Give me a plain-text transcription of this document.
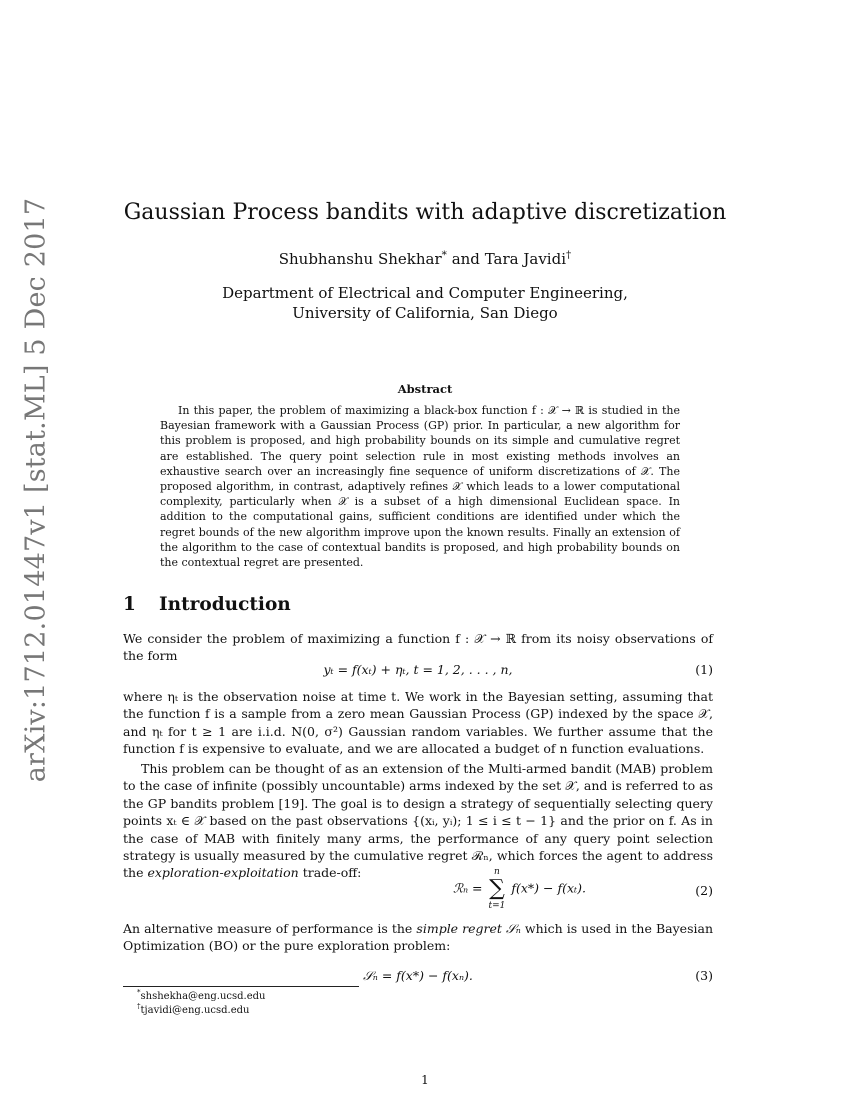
arXiv:1712.01447v1 [stat.ML] 5 Dec 2017	Gaussian Process bandits with adaptive discretization
Shubhanshu Shekhar* and Tara Javidi†
Department of Electrical and Computer Engineering,
University of California, San Diego
Abstract

In this paper, the problem of maximizing a black-box function f : 𝒳 → ℝ is studied in the Bayesian framework with a Gaussian Process (GP) prior. In particular, a new algorithm for this problem is proposed, and high probability bounds on its simple and cumulative regret are established. The query point selection rule in most existing methods involves an exhaustive search over an increasingly fine sequence of uniform discretizations of 𝒳. The proposed algorithm, in contrast, adaptively refines 𝒳 which leads to a lower computational complexity, particularly when 𝒳 is a subset of a high dimensional Euclidean space. In addition to the computational gains, sufficient conditions are identified under which the regret bounds of the new algorithm improve upon the known results. Finally an extension of the algorithm to the case of contextual bandits is proposed, and high probability bounds on the contextual regret are presented.

1 Introduction

We consider the problem of maximizing a function f : 𝒳 → ℝ from its noisy observations of the form

yₜ = f(xₜ) + ηₜ, t = 1, 2, . . . , n,	(1)

where ηₜ is the observation noise at time t. We work in the Bayesian setting, assuming that the function f is a sample from a zero mean Gaussian Process (GP) indexed by the space 𝒳, and ηₜ for t ≥ 1 are i.i.d. N(0, σ²) Gaussian random variables. We further assume that the function f is expensive to evaluate, and we are allocated a budget of n function evaluations.

This problem can be thought of as an extension of the Multi-armed bandit (MAB) problem to the case of infinite (possibly uncountable) arms indexed by the set 𝒳, and is referred to as the GP bandits problem [19]. The goal is to design a strategy of sequentially selecting query points xₜ ∈ 𝒳 based on the past observations {(xᵢ, yᵢ); 1 ≤ i ≤ t − 1} and the prior on f. As in the case of MAB with finitely many arms, the performance of any query point selection strategy is usually measured by the cumulative regret ℛₙ, which forces the agent to address the exploration-exploitation trade-off:

ℛₙ =
n
∑
t=1
f(x*) − f(xₜ).	(2)

An alternative measure of performance is the simple regret 𝒮ₙ which is used in the Bayesian Optimization (BO) or the pure exploration problem:

𝒮ₙ = f(x*) − f(xₙ).	(3)
*shshekha@eng.ucsd.edu
†tjavidi@eng.ucsd.edu
1
